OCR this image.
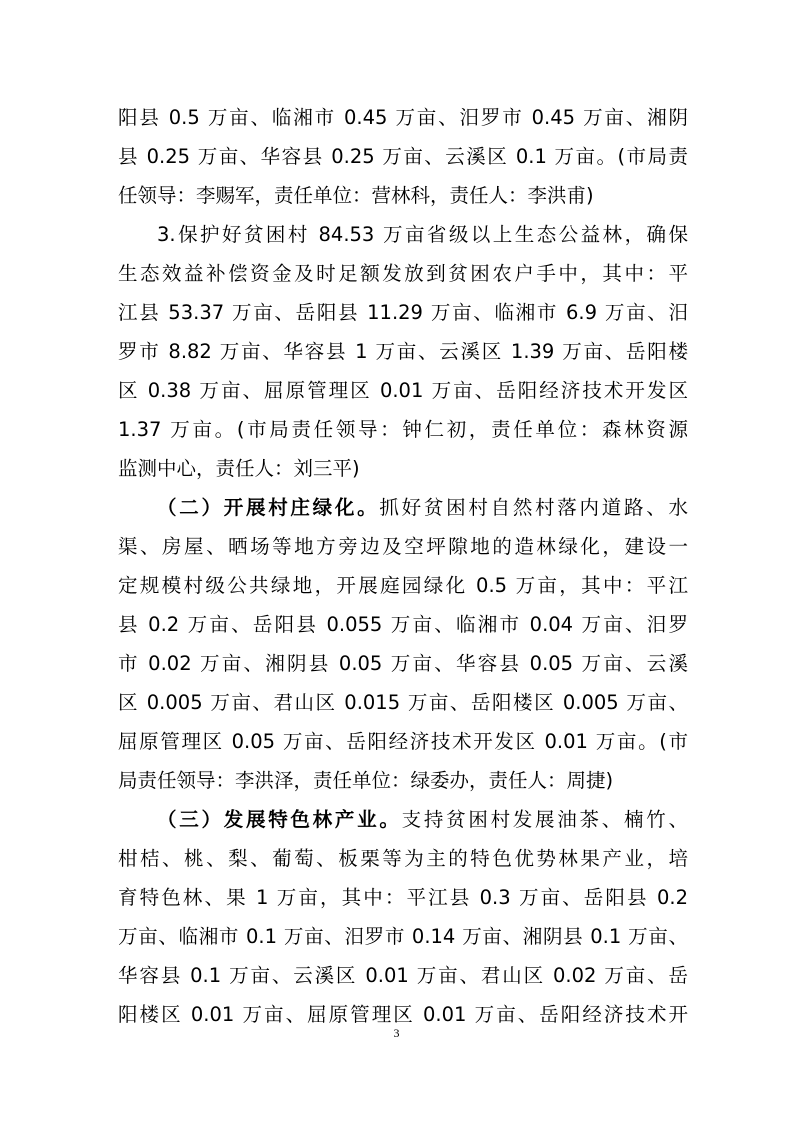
阳县 0.5 万亩、临湘市 0.45 万亩、汨罗市 0.45 万亩、湘阴
县 0.25 万亩、华容县 0.25 万亩、云溪区 0.1 万亩。(市局责
任领导：李赐军，责任单位：营林科，责任人：李洪甫)
3.保护好贫困村 84.53 万亩省级以上生态公益林，确保
生态效益补偿资金及时足额发放到贫困农户手中，其中：平
江县 53.37 万亩、岳阳县 11.29 万亩、临湘市 6.9 万亩、汨
罗市 8.82 万亩、华容县 1 万亩、云溪区 1.39 万亩、岳阳楼
区 0.38 万亩、屈原管理区 0.01 万亩、岳阳经济技术开发区
1.37 万亩。(市局责任领导：钟仁初，责任单位：森林资源
监测中心，责任人：刘三平)
（二）开展村庄绿化。抓好贫困村自然村落内道路、水
渠、房屋、晒场等地方旁边及空坪隙地的造林绿化，建设一
定规模村级公共绿地，开展庭园绿化 0.5 万亩，其中：平江
县 0.2 万亩、岳阳县 0.055 万亩、临湘市 0.04 万亩、汨罗
市 0.02 万亩、湘阴县 0.05 万亩、华容县 0.05 万亩、云溪
区 0.005 万亩、君山区 0.015 万亩、岳阳楼区 0.005 万亩、
屈原管理区 0.05 万亩、岳阳经济技术开发区 0.01 万亩。(市
局责任领导：李洪泽，责任单位：绿委办，责任人：周捷)
（三）发展特色林产业。支持贫困村发展油茶、楠竹、
柑桔、桃、梨、葡萄、板栗等为主的特色优势林果产业，培
育特色林、果 1 万亩，其中：平江县 0.3 万亩、岳阳县 0.2
万亩、临湘市 0.1 万亩、汨罗市 0.14 万亩、湘阴县 0.1 万亩、
华容县 0.1 万亩、云溪区 0.01 万亩、君山区 0.02 万亩、岳
阳楼区 0.01 万亩、屈原管理区 0.01 万亩、岳阳经济技术开
3
